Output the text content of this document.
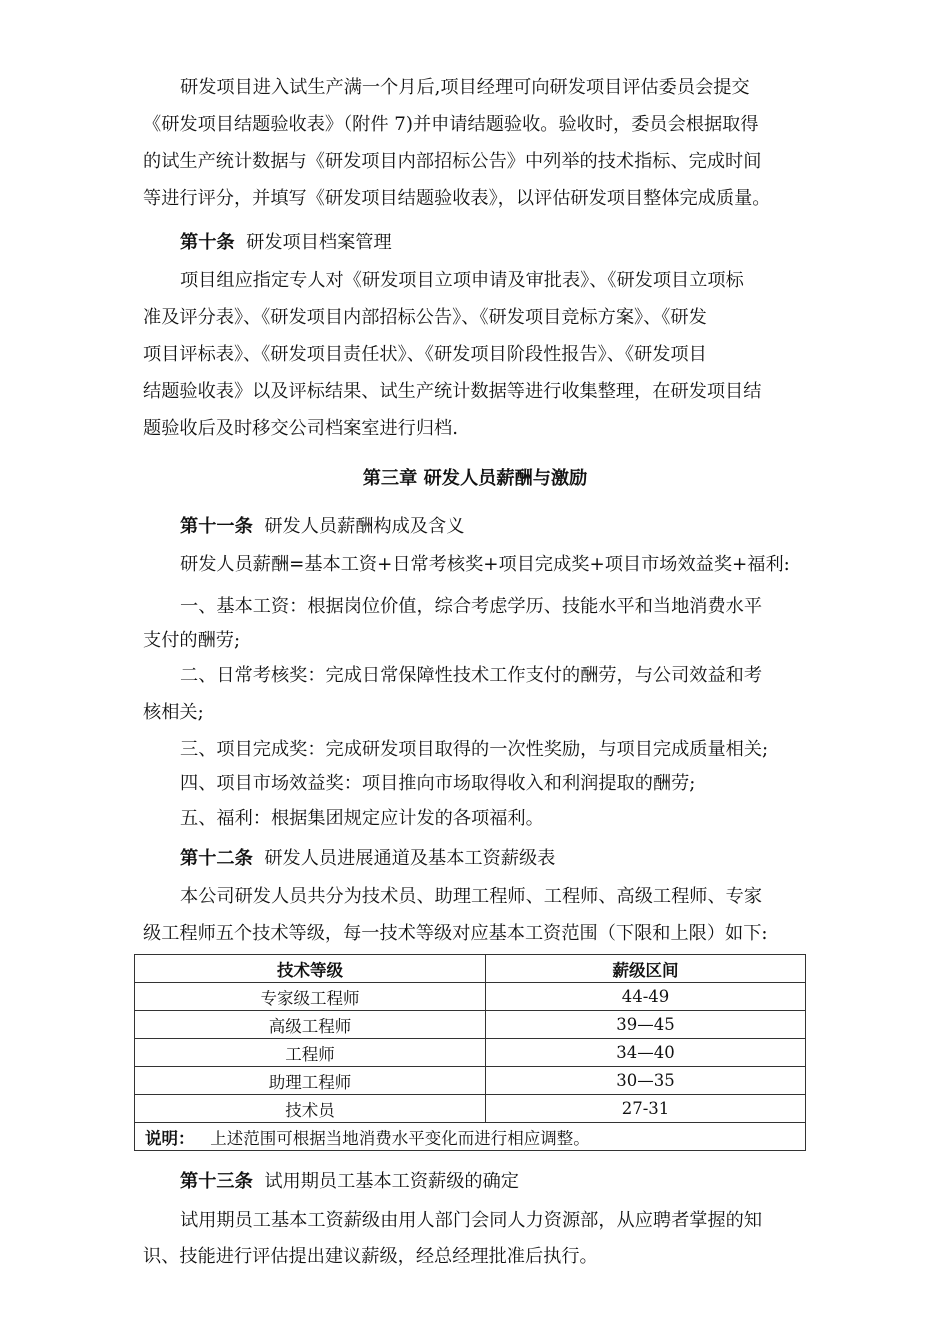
研发项目进入试生产满一个月后,项目经理可向研发项目评估委员会提交

《研发项目结题验收表》（附件 7)并申请结题验收。验收时，委员会根据取得

的试生产统计数据与《研发项目内部招标公告》中列举的技术指标、完成时间

等进行评分，并填写《研发项目结题验收表》，以评估研发项目整体完成质量。

第十条 研发项目档案管理

项目组应指定专人对《研发项目立项申请及审批表》、《研发项目立项标

准及评分表》、《研发项目内部招标公告》、《研发项目竞标方案》、《研发

项目评标表》、《研发项目责任状》、《研发项目阶段性报告》、《研发项目

结题验收表》以及评标结果、试生产统计数据等进行收集整理，在研发项目结

题验收后及时移交公司档案室进行归档.

第三章 研发人员薪酬与激励

第十一条 研发人员薪酬构成及含义

研发人员薪酬=基本工资+日常考核奖+项目完成奖+项目市场效益奖+福利:

一、基本工资：根据岗位价值，综合考虑学历、技能水平和当地消费水平

支付的酬劳;

二、日常考核奖：完成日常保障性技术工作支付的酬劳，与公司效益和考

核相关;

三、项目完成奖：完成研发项目取得的一次性奖励，与项目完成质量相关;

四、项目市场效益奖：项目推向市场取得收入和利润提取的酬劳;

五、福利：根据集团规定应计发的各项福利。

第十二条 研发人员进展通道及基本工资薪级表

本公司研发人员共分为技术员、助理工程师、工程师、高级工程师、专家

级工程师五个技术等级，每一技术等级对应基本工资范围（下限和上限）如下:

技术等级	薪级区间
专家级工程师	44-49
高级工程师	39—45
工程师	34—40
助理工程师	30—35
技术员	27-31
说明： 上述范围可根据当地消费水平变化而进行相应调整。	

第十三条 试用期员工基本工资薪级的确定

试用期员工基本工资薪级由用人部门会同人力资源部，从应聘者掌握的知

识、技能进行评估提出建议薪级，经总经理批准后执行。
